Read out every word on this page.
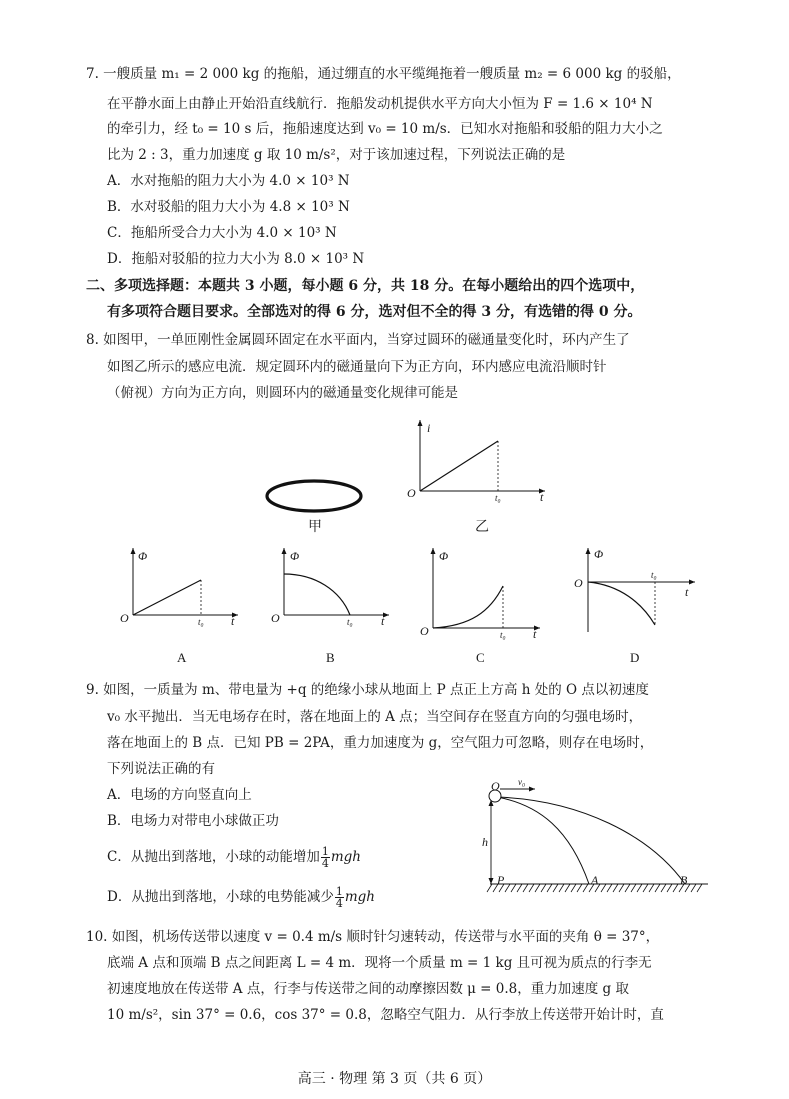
7. 一艘质量 m₁ = 2 000 kg 的拖船，通过绷直的水平缆绳拖着一艘质量 m₂ = 6 000 kg 的驳船，
在平静水面上由静止开始沿直线航行．拖船发动机提供水平方向大小恒为 F = 1.6 × 10⁴ N
的牵引力，经 t₀ = 10 s 后，拖船速度达到 v₀ = 10 m/s．已知水对拖船和驳船的阻力大小之
比为 2 : 3，重力加速度 g 取 10 m/s²，对于该加速过程，下列说法正确的是
A．水对拖船的阻力大小为 4.0 × 10³ N
B．水对驳船的阻力大小为 4.8 × 10³ N
C．拖船所受合力大小为 4.0 × 10³ N
D．拖船对驳船的拉力大小为 8.0 × 10³ N
二、多项选择题：本题共 3 小题，每小题 6 分，共 18 分。在每小题给出的四个选项中，
有多项符合题目要求。全部选对的得 6 分，选对但不全的得 3 分，有选错的得 0 分。
8. 如图甲，一单匝刚性金属圆环固定在水平面内，当穿过圆环的磁通量变化时，环内产生了
如图乙所示的感应电流．规定圆环内的磁通量向下为正方向，环内感应电流沿顺时针
（俯视）方向为正方向，则圆环内的磁通量变化规律可能是
甲
i
O	t₀	t
乙
Φ
O	t₀ t
A
Φ
O	t₀ t
B
Φ
O	t₀ t
C
Φ
O
t₀
t
D
O v₀
h
P	A	B
9. 如图，一质量为 m、带电量为 +q 的绝缘小球从地面上 P 点正上方高 h 处的 O 点以初速度
v₀ 水平抛出．当无电场存在时，落在地面上的 A 点；当空间存在竖直方向的匀强电场时，
落在地面上的 B 点．已知 PB = 2PA，重力加速度为 g，空气阻力可忽略，则存在电场时，
下列说法正确的有
A．电场的方向竖直向上
B．电场力对带电小球做正功
C．从抛出到落地，小球的动能增加 $\frac{1}{4}$ mgh
D．从抛出到落地，小球的电势能减少 $\frac{1}{4}$ mgh
10. 如图，机场传送带以速度 v = 0.4 m/s 顺时针匀速转动，传送带与水平面的夹角 θ = 37°，
底端 A 点和顶端 B 点之间距离 L = 4 m．现将一个质量 m = 1 kg 且可视为质点的行李无
初速度地放在传送带 A 点，行李与传送带之间的动摩擦因数 μ = 0.8，重力加速度 g 取
10 m/s²，sin 37° = 0.6，cos 37° = 0.8，忽略空气阻力．从行李放上传送带开始计时，直
高三 · 物理 第 3 页（共 6 页）
